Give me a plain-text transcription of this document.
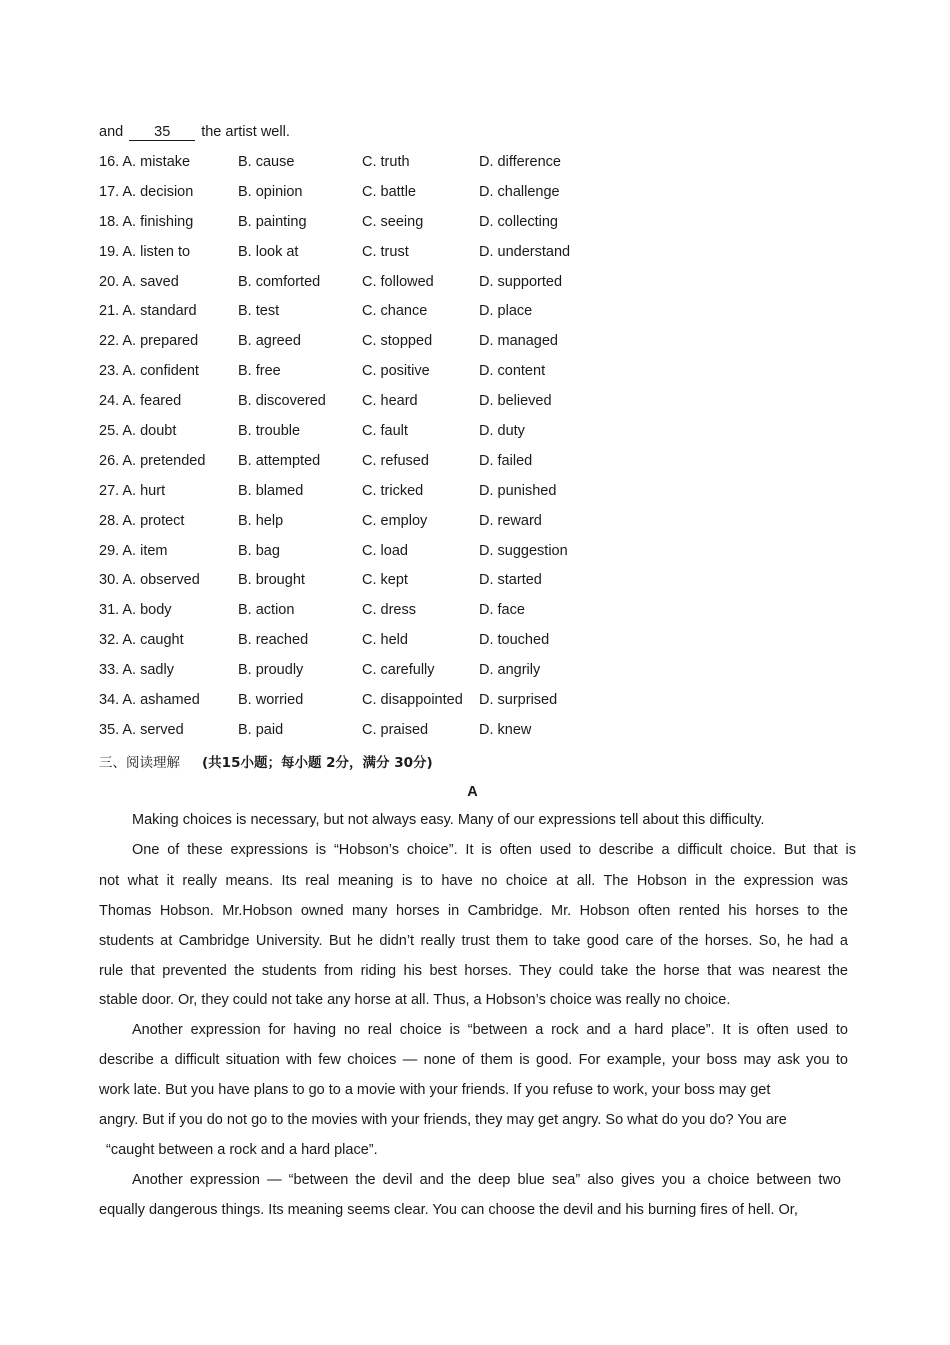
and 35 the artist well.
16. A. mistake	B. cause	C. truth	D. difference
17. A. decision	B. opinion	C. battle	D. challenge
18. A. finishing	B. painting	C. seeing	D. collecting
19. A. listen to	B. look at	C. trust	D. understand
20. A. saved	B. comforted	C. followed	D. supported
21. A. standard	B. test	C. chance	D. place
22. A. prepared	B. agreed	C. stopped	D. managed
23. A. confident	B. free	C. positive	D. content
24. A. feared	B. discovered C. heard	D. believed
25. A. doubt	B. trouble	C. fault	D. duty
26. A. pretended B. attempted	C. refused	D. failed
27. A. hurt	B. blamed	C. tricked	D. punished
28. A. protect	B. help	C. employ	D. reward
29. A. item	B. bag	C. load	D. suggestion
30. A. observed	B. brought	C. kept	D. started
31. A. body	B. action	C. dress	D. face
32. A. caught	B. reached	C. held	D. touched
33. A. sadly	B. proudly	C. carefully	D. angrily
34. A. ashamed	B. worried	C. disappointed D. surprised
35. A. served	B. paid	C. praised	D. knew
三、阅读理解 (共15小题；每小题 2分，满分 30分)
A
Making choices is necessary, but not always easy. Many of our expressions tell about this difficulty.
One of these expressions is “Hobson’s choice”. It is often used to describe a difficult choice. But that is
not what it really means. Its real meaning is to have no choice at all. The Hobson in the expression was
Thomas Hobson. Mr.Hobson owned many horses in Cambridge. Mr. Hobson often rented his horses to the
students at Cambridge University. But he didn’t really trust them to take good care of the horses. So, he had a
rule that prevented the students from riding his best horses. They could take the horse that was nearest the
stable door. Or, they could not take any horse at all. Thus, a Hobson’s choice was really no choice.
Another expression for having no real choice is “between a rock and a hard place”. It is often used to
describe a difficult situation with few choices — none of them is good. For example, your boss may ask you to
work late. But you have plans to go to a movie with your friends. If you refuse to work, your boss may get
angry. But if you do not go to the movies with your friends, they may get angry. So what do you do? You are
“caught between a rock and a hard place”.
Another expression — “between the devil and the deep blue sea” also gives you a choice between two
equally dangerous things. Its meaning seems clear. You can choose the devil and his burning fires of hell. Or,
